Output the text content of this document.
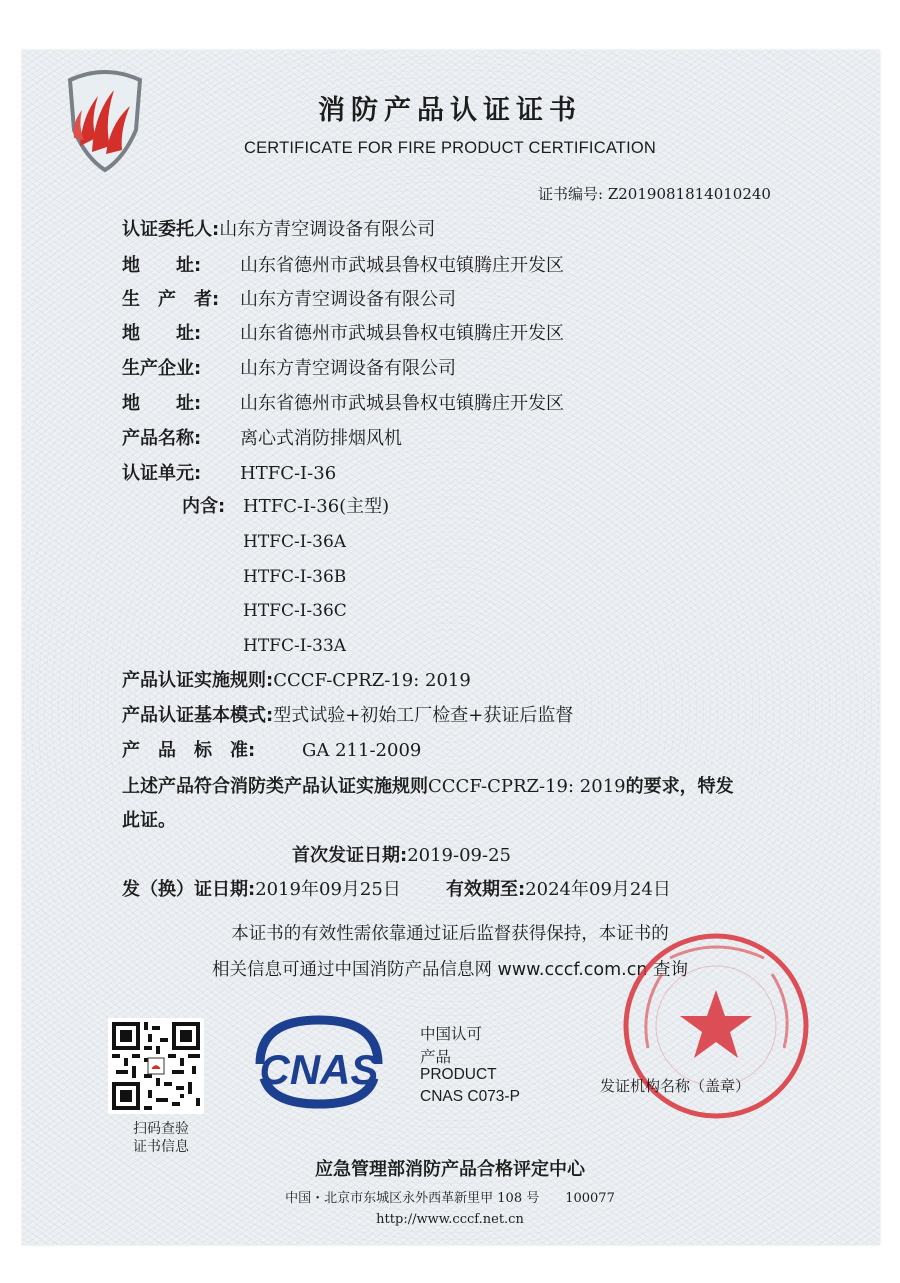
消防产品认证证书
CERTIFICATE FOR FIRE PRODUCT CERTIFICATION
证书编号: Z2019081814010240
认证委托人:山东方青空调设备有限公司
地　　址: 山东省德州市武城县鲁权屯镇腾庄开发区
生　产　者: 山东方青空调设备有限公司
地　　址: 山东省德州市武城县鲁权屯镇腾庄开发区
生产企业: 山东方青空调设备有限公司
地　　址: 山东省德州市武城县鲁权屯镇腾庄开发区
产品名称: 离心式消防排烟风机
认证单元: HTFC-Ⅰ-36
内含: HTFC-Ⅰ-36(主型)
HTFC-Ⅰ-36A
HTFC-Ⅰ-36B
HTFC-Ⅰ-36C
HTFC-Ⅰ-33A
产品认证实施规则:CCCF-CPRZ-19: 2019
产品认证基本模式:型式试验+初始工厂检查+获证后监督
产　品　标　准:	GA 211-2009
上述产品符合消防类产品认证实施规则CCCF-CPRZ-19: 2019的要求，特发
此证。
首次发证日期:2019-09-25
发（换）证日期:2019年09月25日	有效期至:2024年09月24日
本证书的有效性需依靠通过证后监督获得保持，本证书的
相关信息可通过中国消防产品信息网 www.cccf.com.cn 查询
扫码查验
证书信息
CNAS
中国认可
产品
PRODUCT
CNAS C073-P
发证机构名称（盖章）
应急管理部消防产品合格评定中心
中国・北京市东城区永外西革新里甲 108 号　　100077
http://www.cccf.net.cn
